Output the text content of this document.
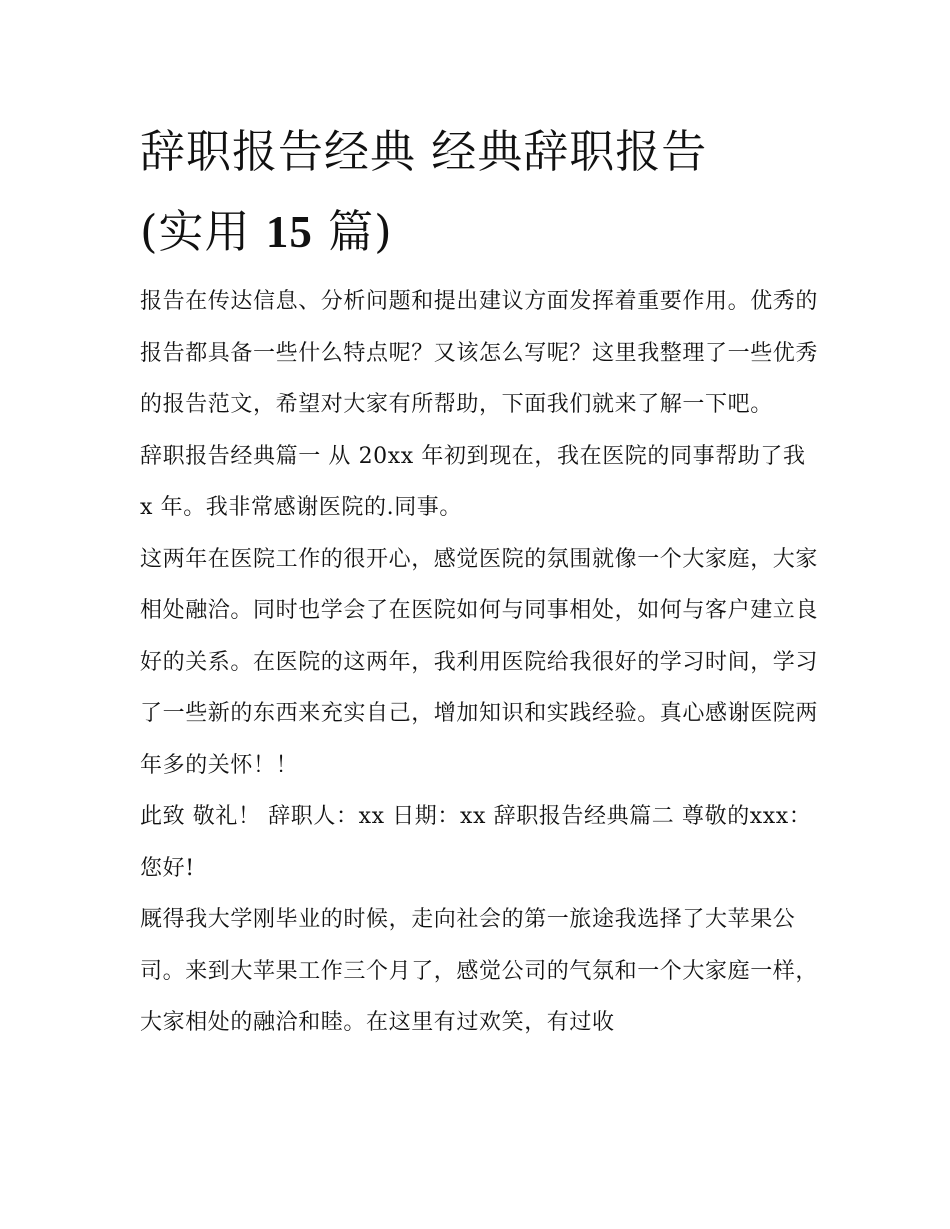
辞职报告经典 经典辞职报告
(实用 15 篇)

报告在传达信息、分析问题和提出建议方面发挥着重要作用。优秀的报告都具备一些什么特点呢？又该怎么写呢？这里我整理了一些优秀的报告范文，希望对大家有所帮助，下面我们就来了解一下吧。

辞职报告经典篇一 从 20xx 年初到现在，我在医院的同事帮助了我 x 年。我非常感谢医院的.同事。

这两年在医院工作的很开心，感觉医院的氛围就像一个大家庭，大家相处融洽。同时也学会了在医院如何与同事相处，如何与客户建立良好的关系。在医院的这两年，我利用医院给我很好的学习时间，学习了一些新的东西来充实自己，增加知识和实践经验。真心感谢医院两年多的关怀！！

此致 敬礼！ 辞职人：xx 日期：xx 辞职报告经典篇二 尊敬的xxx： 您好!

厩得我大学刚毕业的时候，走向社会的第一旅途我选择了大苹果公司。来到大苹果工作三个月了，感觉公司的气氛和一个大家庭一样，大家相处的融洽和睦。在这里有过欢笑，有过收
